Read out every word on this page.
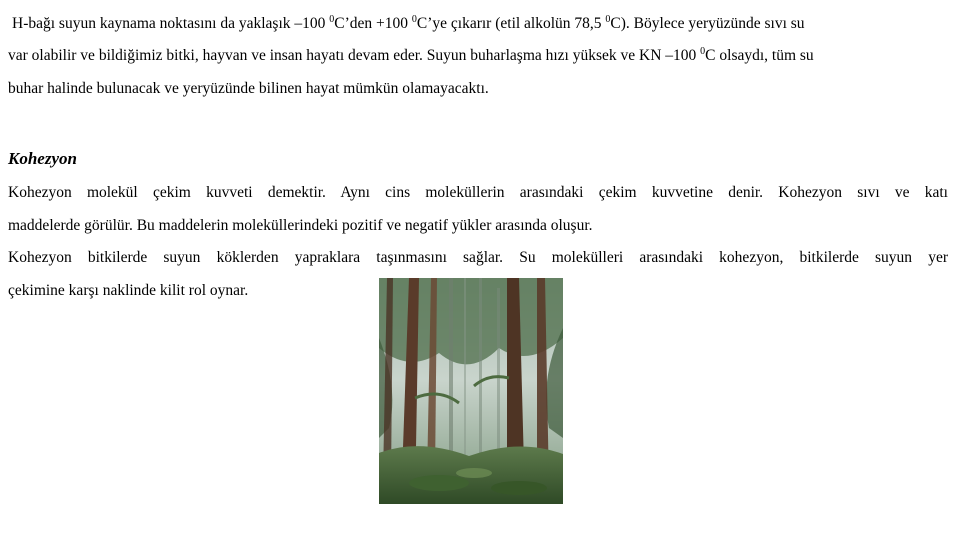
H-bağı suyun kaynama noktasını da yaklaşık –100 $^0$C’den +100 $^0$C’ye çıkarır (etil alkolün 78,5 $^0$C). Böylece yeryüzünde sıvı su
var olabilir ve bildiğimiz bitki, hayvan ve insan hayatı devam eder. Suyun buharlaşma hızı yüksek ve KN –100 $^0$C olsaydı, tüm su
buhar halinde bulunacak ve yeryüzünde bilinen hayat mümkün olamayacaktı.
Kohezyon
Kohezyon molekül çekim kuvveti demektir. Aynı cins moleküllerin arasındaki çekim kuvvetine denir. Kohezyon sıvı ve katı
maddelerde görülür. Bu maddelerin moleküllerindeki pozitif ve negatif yükler arasında oluşur.
Kohezyon bitkilerde suyun köklerden yapraklara taşınmasını sağlar. Su molekülleri arasındaki kohezyon, bitkilerde suyun yer
çekimine karşı naklinde kilit rol oynar.
